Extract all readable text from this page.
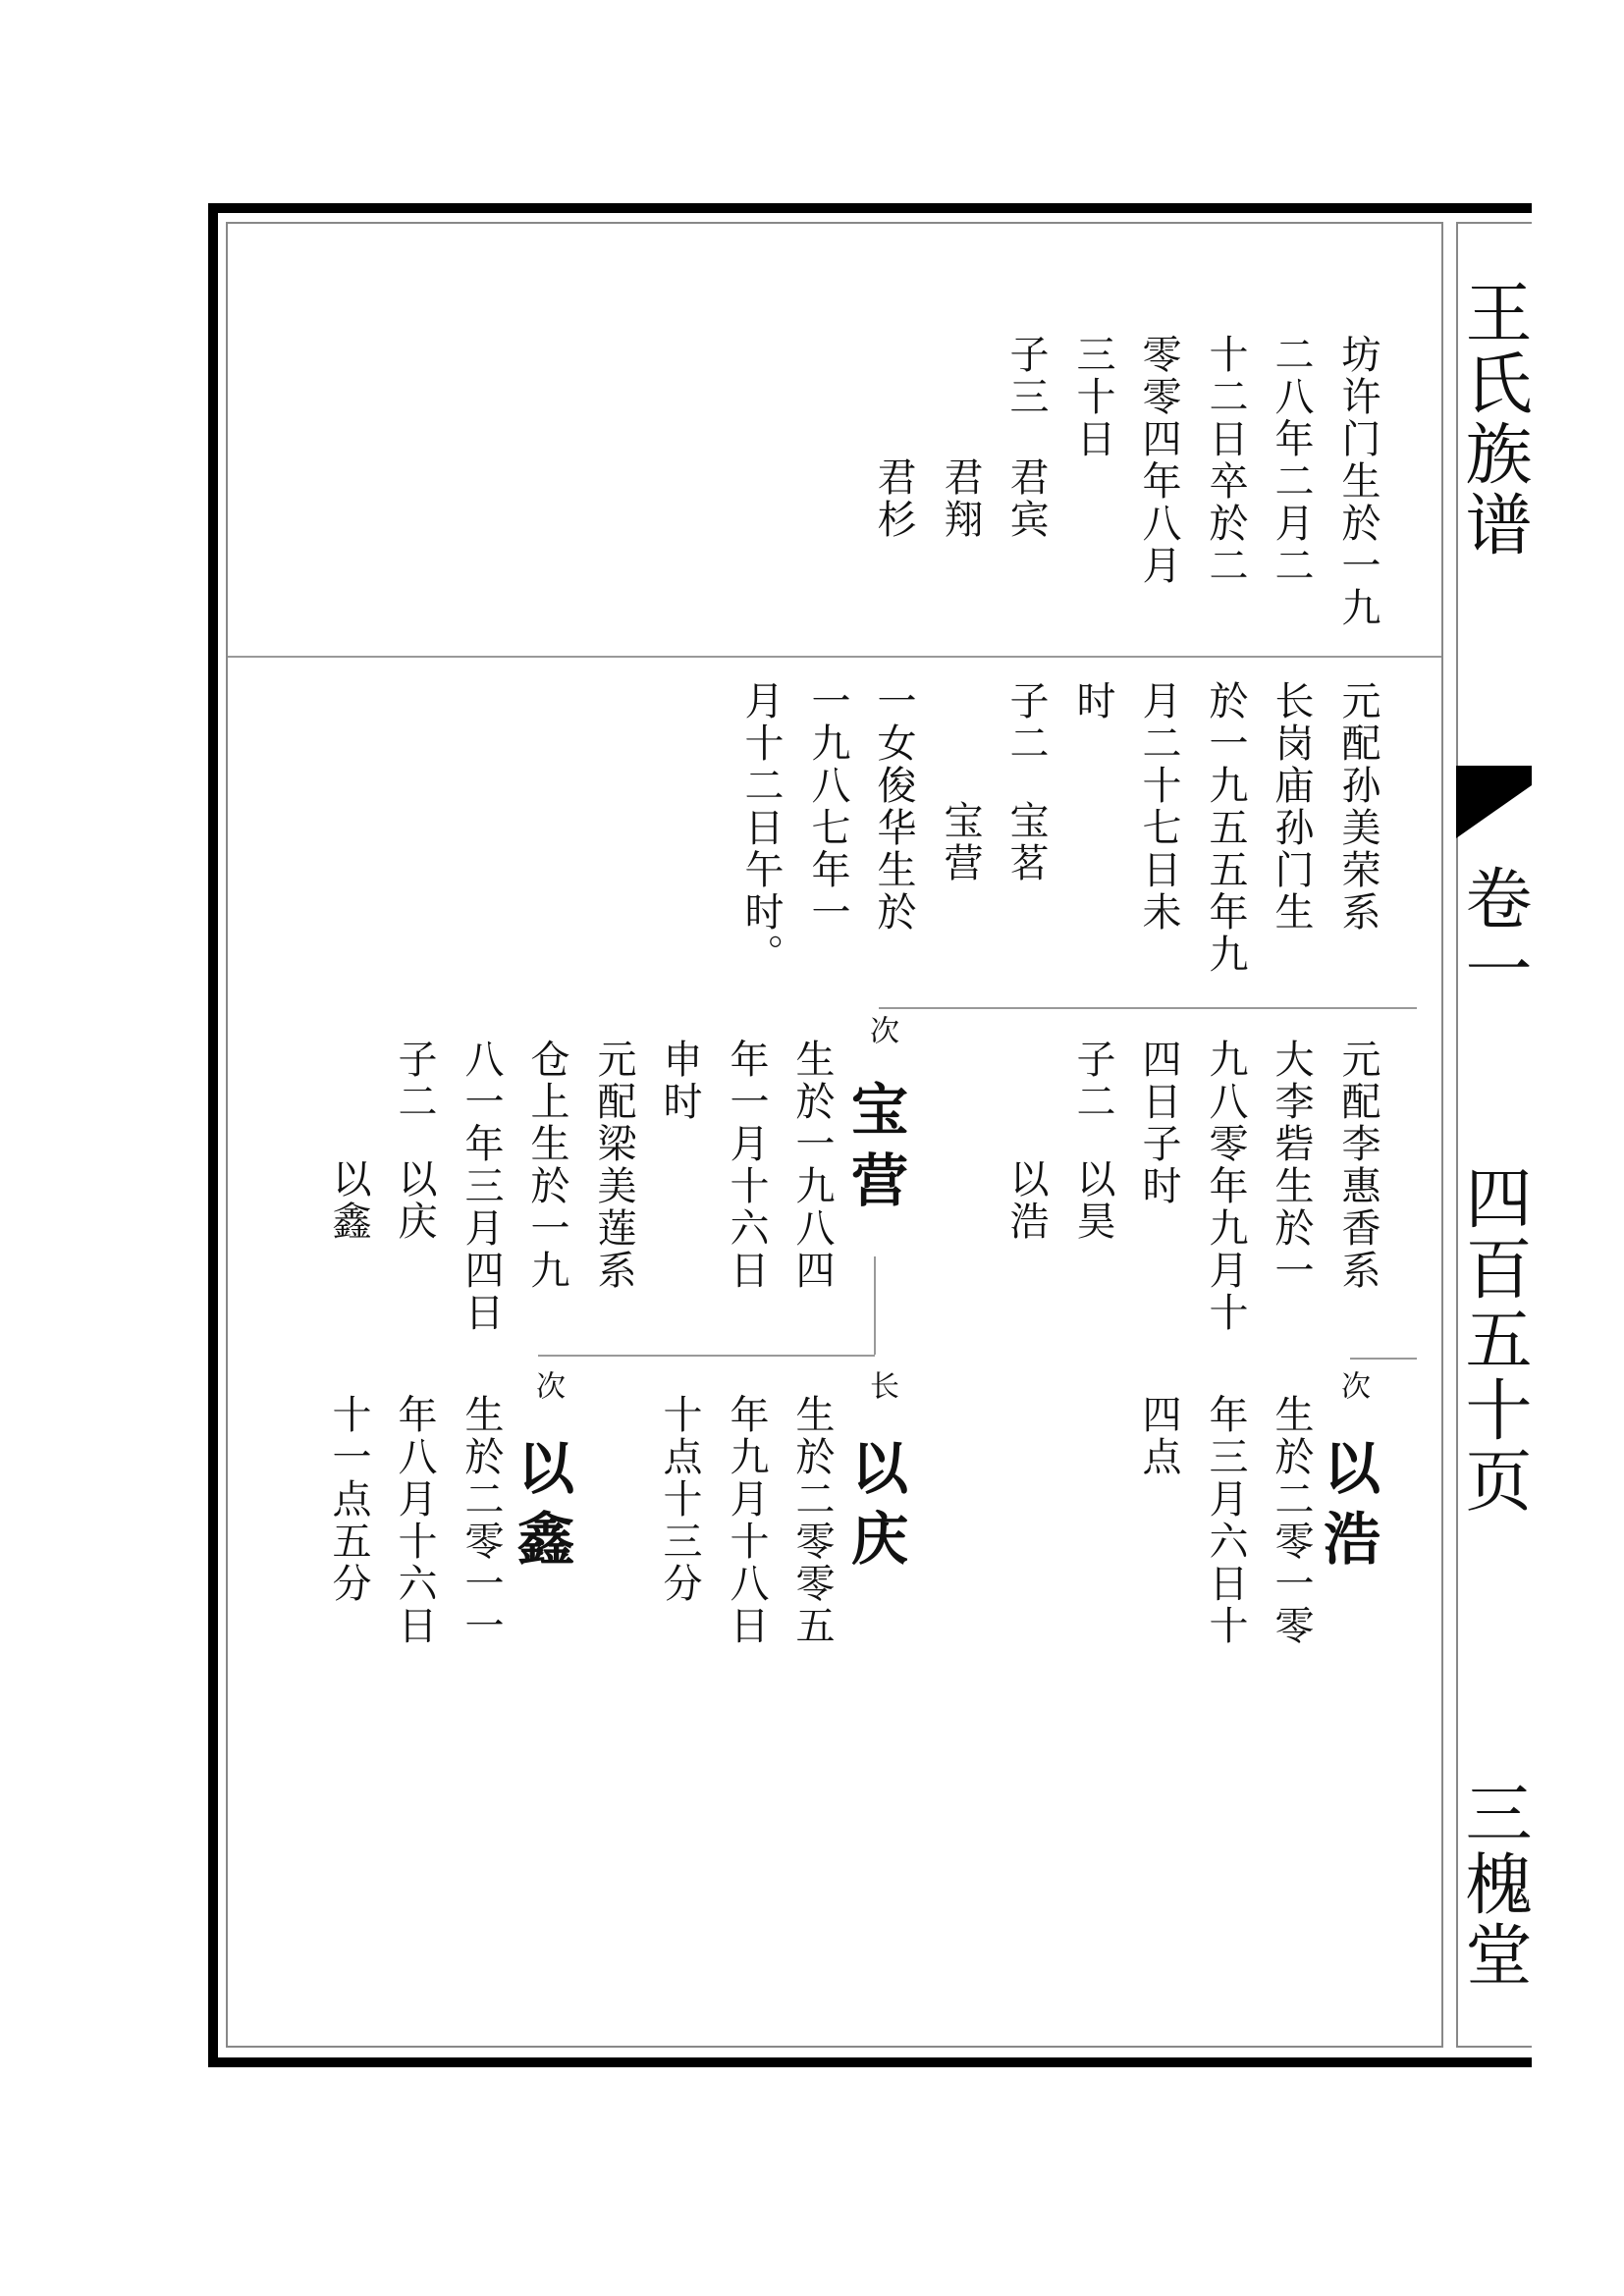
王氏族谱
卷一
四百五十页
三槐堂
坊许门生於一九
二八年二月二
十二日卒於二
零零四年八月
三十日
子三
君宾
君翔
君杉
元配孙美荣系
长岗庙孙门生
於一九五五年九
月二十七日未
时
子二
宝茗
宝营
一女俊华生於
一九八七年一
月十二日午时。
元配李惠香系
大李砦生於一
九八零年九月十
四日子时
子二
以昊
以浩
次
宝营
生於一九八四
年一月十六日
申时
元配梁美莲系
仓上生於一九
八一年三月四日
子二
以庆
以鑫
次
以浩
生於二零一零
年三月六日十
四点
长
以庆
生於二零零五
年九月十八日
十点十三分
次
以鑫
生於二零一一
年八月十六日
十一点五分
